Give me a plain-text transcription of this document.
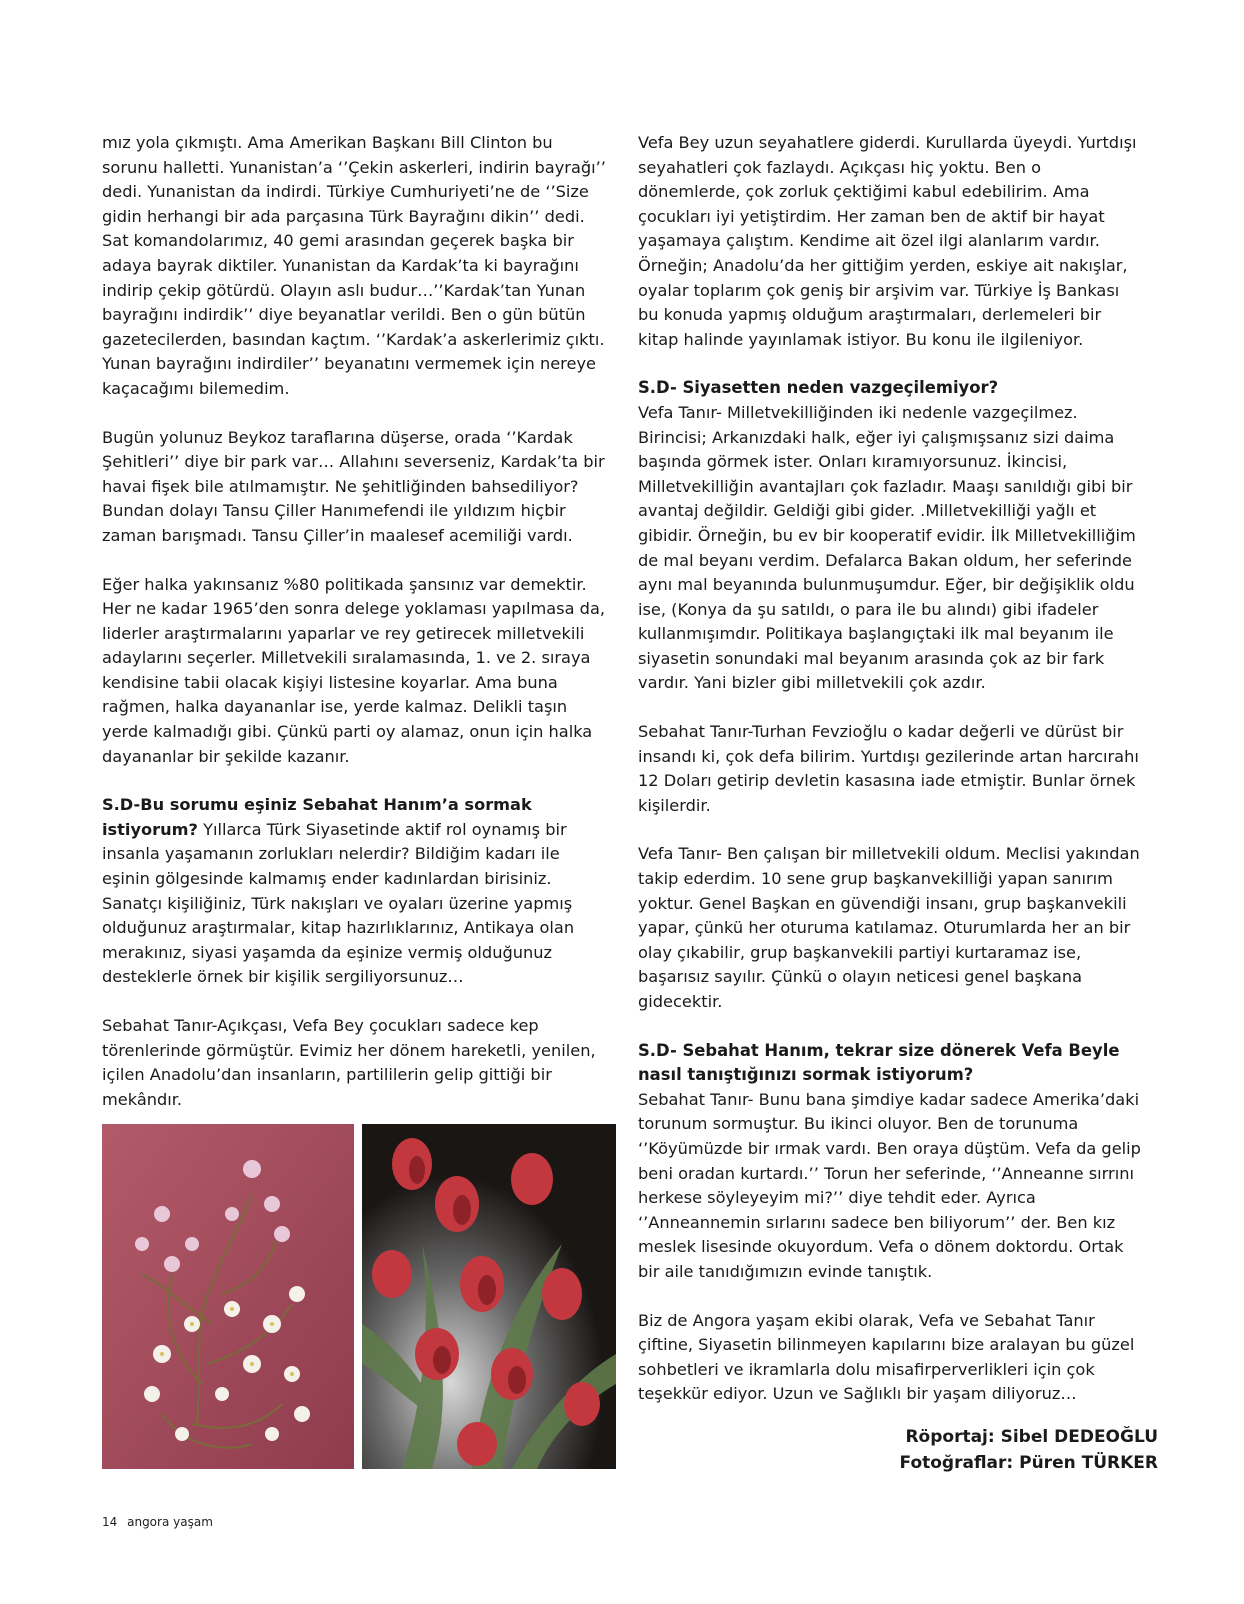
mız yola çıkmıştı. Ama Amerikan Başkanı Bill Clinton bu sorunu halletti. Yunanistan’a ‘’Çekin askerleri, indirin bayrağı’’ dedi. Yunanistan da indirdi. Türkiye Cumhuriyeti’ne de ‘’Size gidin herhangi bir ada parçasına Türk Bayrağını dikin’’ dedi. Sat komandolarımız, 40 gemi arasından geçerek başka bir adaya bayrak diktiler. Yunanistan da Kardak’ta ki bayrağını indirip çekip götürdü. Olayın aslı budur…’’Kardak’tan Yunan bayrağını indirdik’’ diye beyanatlar verildi. Ben o gün bütün gazetecilerden, basından kaçtım. ‘’Kardak’a askerlerimiz çıktı. Yunan bayrağını indirdiler’’ beyanatını vermemek için nereye kaçacağımı bilemedim.

Bugün yolunuz Beykoz taraflarına düşerse, orada ‘’Kardak Şehitleri’’ diye bir park var… Allahını severseniz, Kardak’ta bir havai fişek bile atılmamıştır. Ne şehitliğinden bahsediliyor? Bundan dolayı Tansu Çiller Hanımefendi ile yıldızım hiçbir zaman barışmadı. Tansu Çiller’in maalesef acemiliği vardı.

Eğer halka yakınsanız %80 politikada şansınız var demektir. Her ne kadar 1965’den sonra delege yoklaması yapılmasa da, liderler araştırmalarını yaparlar ve rey getirecek milletvekili adaylarını seçerler. Milletvekili sıralamasında, 1. ve 2. sıraya kendisine tabii olacak kişiyi listesine koyarlar. Ama buna rağmen, halka dayananlar ise, yerde kalmaz. Delikli taşın yerde kalmadığı gibi. Çünkü parti oy alamaz, onun için halka dayananlar bir şekilde kazanır.

S.D-Bu sorumu eşiniz Sebahat Hanım’a sormak istiyorum? Yıllarca Türk Siyasetinde aktif rol oynamış bir insanla yaşamanın zorlukları nelerdir? Bildiğim kadarı ile eşinin gölgesinde kalmamış ender kadınlardan birisiniz. Sanatçı kişiliğiniz, Türk nakışları ve oyaları üzerine yapmış olduğunuz araştırmalar, kitap hazırlıklarınız, Antikaya olan merakınız, siyasi yaşamda da eşinize vermiş olduğunuz desteklerle örnek bir kişilik sergiliyorsunuz…

Sebahat Tanır-Açıkçası, Vefa Bey çocukları sadece kep törenlerinde görmüştür. Evimiz her dönem hareketli, yenilen, içilen Anadolu’dan insanların, partililerin gelip gittiği bir mekândır.

Vefa Bey uzun seyahatlere giderdi. Kurullarda üyeydi. Yurtdışı seyahatleri çok fazlaydı. Açıkçası hiç yoktu. Ben o dönemlerde, çok zorluk çektiğimi kabul edebilirim. Ama çocukları iyi yetiştirdim. Her zaman ben de aktif bir hayat yaşamaya çalıştım. Kendime ait özel ilgi alanlarım vardır. Örneğin; Anadolu’da her gittiğim yerden, eskiye ait nakışlar, oyalar toplarım çok geniş bir arşivim var. Türkiye İş Bankası bu konuda yapmış olduğum araştırmaları, derlemeleri bir kitap halinde yayınlamak istiyor. Bu konu ile ilgileniyor.

S.D- Siyasetten neden vazgeçilemiyor?

Vefa Tanır- Milletvekilliğinden iki nedenle vazgeçilmez. Birincisi; Arkanızdaki halk, eğer iyi çalışmışsanız sizi daima başında görmek ister. Onları kıramıyorsunuz. İkincisi, Milletvekilliğin avantajları çok fazladır. Maaşı sanıldığı gibi bir avantaj değildir. Geldiği gibi gider. .Milletvekilliği yağlı et gibidir. Örneğin, bu ev bir kooperatif evidir. İlk Milletvekilliğim de mal beyanı verdim. Defalarca Bakan oldum, her seferinde aynı mal beyanında bulunmuşumdur. Eğer, bir değişiklik oldu ise, (Konya da şu satıldı, o para ile bu alındı) gibi ifadeler kullanmışımdır. Politikaya başlangıçtaki ilk mal beyanım ile siyasetin sonundaki mal beyanım arasında çok az bir fark vardır. Yani bizler gibi milletvekili çok azdır.

Sebahat Tanır-Turhan Fevzioğlu o kadar değerli ve dürüst bir insandı ki, çok defa bilirim. Yurtdışı gezilerinde artan harcırahı 12 Doları getirip devletin kasasına iade etmiştir. Bunlar örnek kişilerdir.

Vefa Tanır- Ben çalışan bir milletvekili oldum. Meclisi yakından takip ederdim. 10 sene grup başkanvekilliği yapan sanırım yoktur. Genel Başkan en güvendiği insanı, grup başkanvekili yapar, çünkü her oturuma katılamaz. Oturumlarda her an bir olay çıkabilir, grup başkanvekili partiyi kurtaramaz ise, başarısız sayılır. Çünkü o olayın neticesi genel başkana gidecektir.

S.D- Sebahat Hanım, tekrar size dönerek Vefa Beyle nasıl tanıştığınızı sormak istiyorum?

Sebahat Tanır- Bunu bana şimdiye kadar sadece Amerika’daki torunum sormuştur. Bu ikinci oluyor. Ben de torunuma ‘’Köyümüzde bir ırmak vardı. Ben oraya düştüm. Vefa da gelip beni oradan kurtardı.’’ Torun her seferinde, ‘’Anneanne sırrını herkese söyleyeyim mi?’’ diye tehdit eder. Ayrıca ‘’Anneannemin sırlarını sadece ben biliyorum’’ der. Ben kız meslek lisesinde okuyordum. Vefa o dönem doktordu. Ortak bir aile tanıdığımızın evinde tanıştık.

Biz de Angora yaşam ekibi olarak, Vefa ve Sebahat Tanır çiftine, Siyasetin bilinmeyen kapılarını bize aralayan bu güzel sohbetleri ve ikramlarla dolu misafirperverlikleri için çok teşekkür ediyor. Uzun ve Sağlıklı bir yaşam diliyoruz…

Röportaj: Sibel DEDEOĞLU
Fotoğraflar: Püren TÜRKER
14 angora yaşam
